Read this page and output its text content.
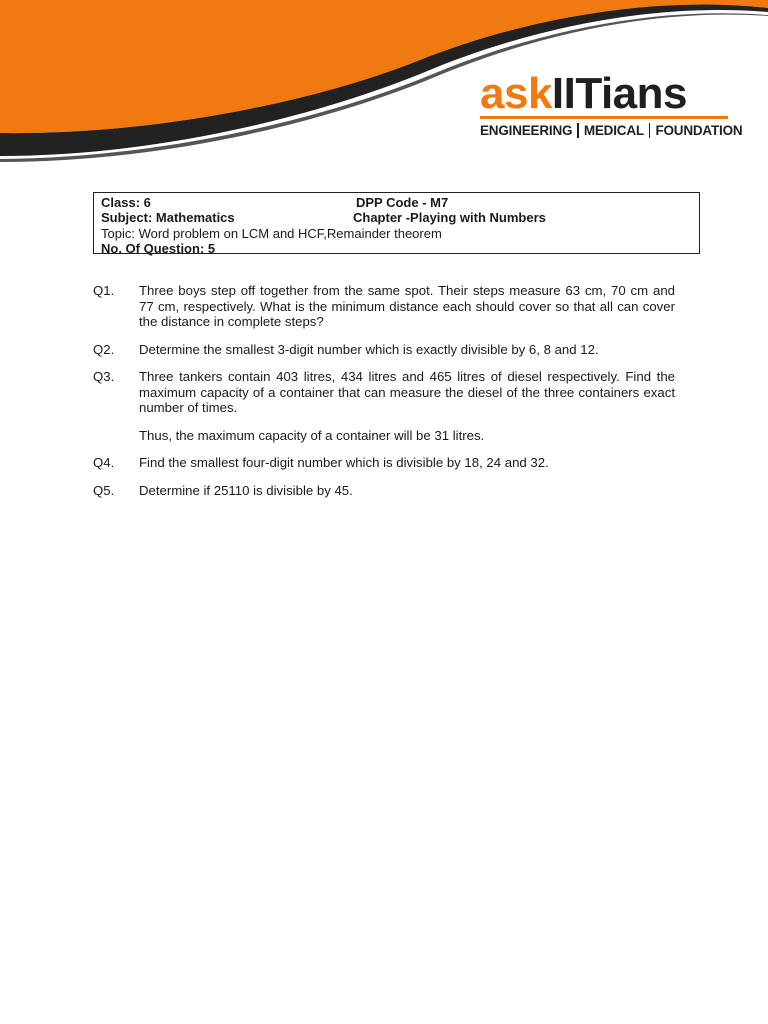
askIITians
ENGINEERING MEDICAL FOUNDATION
Class: 6	DPP Code - M7
Subject: Mathematics	Chapter -Playing with Numbers
Topic: Word problem on LCM and HCF,Remainder theorem
No. Of Question: 5
Q1. Three boys step off together from the same spot. Their steps measure 63 cm, 70 cm and      77 cm, respectively. What is the minimum distance each should cover so that all can cover the distance in complete steps?
Q2. Determine the smallest 3-digit number which is exactly divisible by 6, 8 and 12.
Q3. Three tankers contain 403 litres, 434 litres and 465 litres of diesel respectively. Find the maximum capacity of a container that can measure the diesel of the three containers exact number of times.
Thus, the maximum capacity of a container will be 31 litres.
Q4. Find the smallest four-digit number which is divisible by 18, 24 and 32.
Q5. Determine if 25110 is divisible by 45.
